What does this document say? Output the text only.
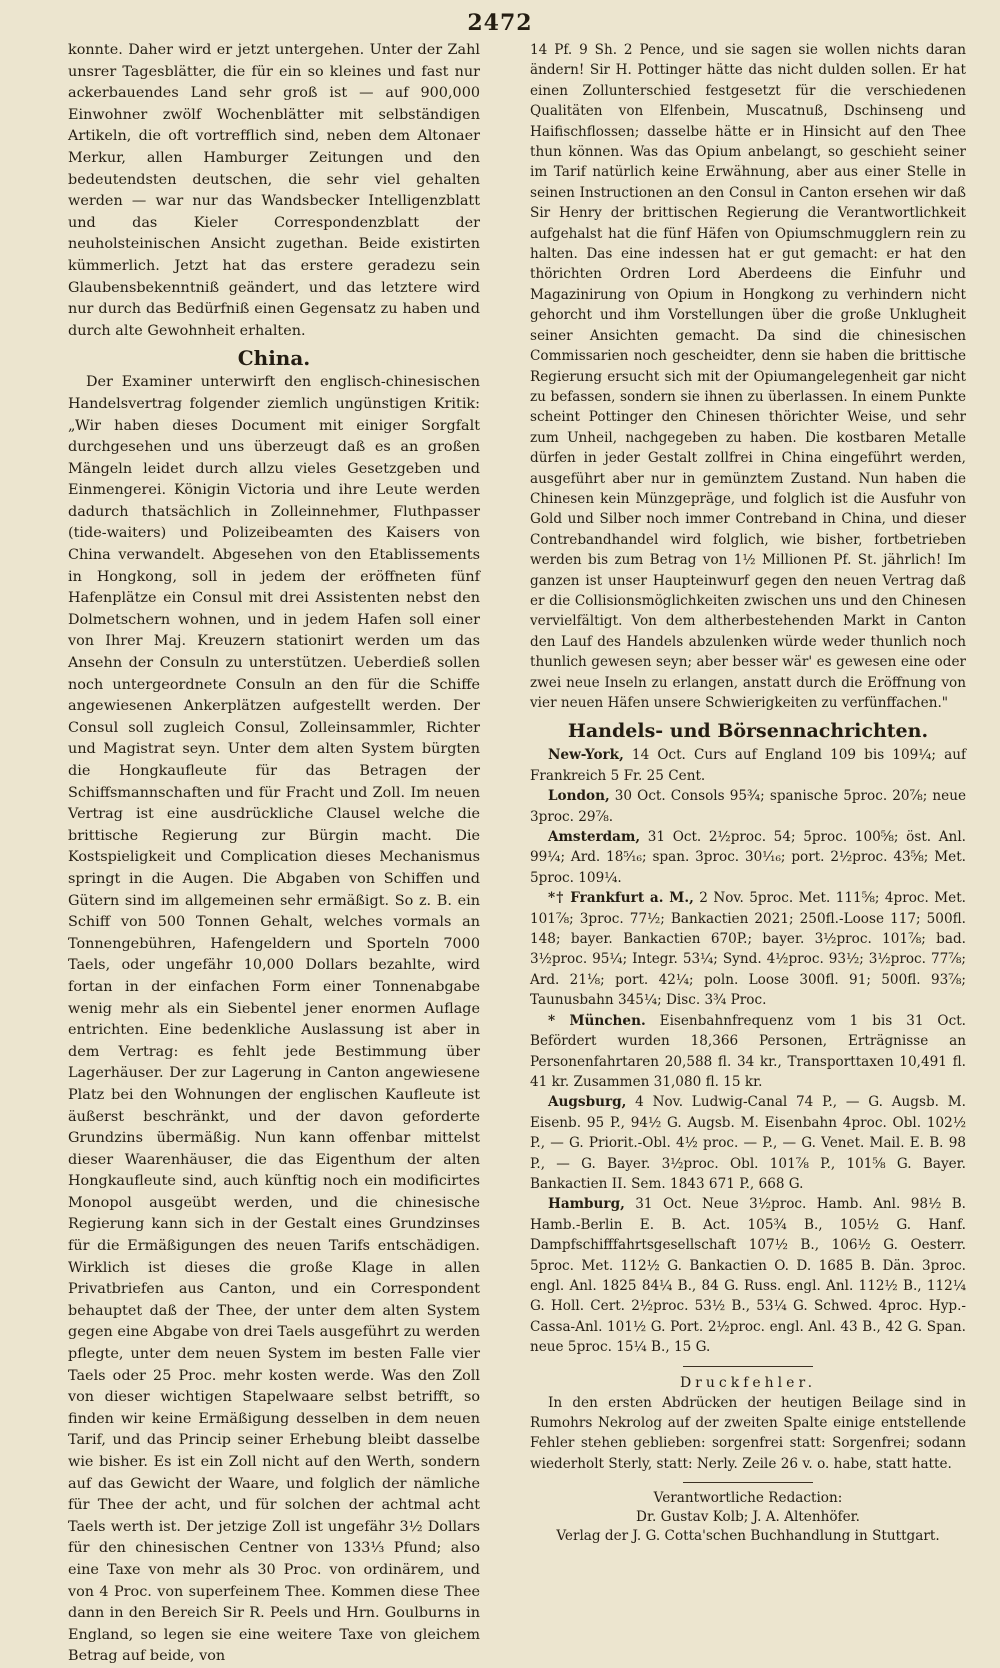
2472

konnte. Daher wird er jetzt untergehen. Unter der Zahl unsrer Tagesblätter, die für ein so kleines und fast nur ackerbauendes Land sehr groß ist — auf 900,000 Einwohner zwölf Wochenblätter mit selbständigen Artikeln, die oft vortrefflich sind, neben dem Altonaer Merkur, allen Hamburger Zeitungen und den bedeutendsten deutschen, die sehr viel gehalten werden — war nur das Wandsbecker Intelligenzblatt und das Kieler Correspondenzblatt der neuholsteinischen Ansicht zugethan. Beide existirten kümmerlich. Jetzt hat das erstere geradezu sein Glaubensbekenntniß geändert, und das letztere wird nur durch das Bedürfniß einen Gegensatz zu haben und durch alte Gewohnheit erhalten.

China.

Der Examiner unterwirft den englisch-chinesischen Handelsvertrag folgender ziemlich ungünstigen Kritik: „Wir haben dieses Document mit einiger Sorgfalt durchgesehen und uns überzeugt daß es an großen Mängeln leidet durch allzu vieles Gesetzgeben und Einmengerei. Königin Victoria und ihre Leute werden dadurch thatsächlich in Zolleinnehmer, Fluthpasser (tide-waiters) und Polizeibeamten des Kaisers von China verwandelt. Abgesehen von den Etablissements in Hongkong, soll in jedem der eröffneten fünf Hafenplätze ein Consul mit drei Assistenten nebst den Dolmetschern wohnen, und in jedem Hafen soll einer von Ihrer Maj. Kreuzern stationirt werden um das Ansehn der Consuln zu unterstützen. Ueberdieß sollen noch untergeordnete Consuln an den für die Schiffe angewiesenen Ankerplätzen aufgestellt werden. Der Consul soll zugleich Consul, Zolleinsammler, Richter und Magistrat seyn. Unter dem alten System bürgten die Hongkaufleute für das Betragen der Schiffsmannschaften und für Fracht und Zoll. Im neuen Vertrag ist eine ausdrückliche Clausel welche die brittische Regierung zur Bürgin macht. Die Kostspieligkeit und Complication dieses Mechanismus springt in die Augen. Die Abgaben von Schiffen und Gütern sind im allgemeinen sehr ermäßigt. So z. B. ein Schiff von 500 Tonnen Gehalt, welches vormals an Tonnengebühren, Hafengeldern und Sporteln 7000 Taels, oder ungefähr 10,000 Dollars bezahlte, wird fortan in der einfachen Form einer Tonnenabgabe wenig mehr als ein Siebentel jener enormen Auflage entrichten. Eine bedenkliche Auslassung ist aber in dem Vertrag: es fehlt jede Bestimmung über Lagerhäuser. Der zur Lagerung in Canton angewiesene Platz bei den Wohnungen der englischen Kaufleute ist äußerst beschränkt, und der davon geforderte Grundzins übermäßig. Nun kann offenbar mittelst dieser Waarenhäuser, die das Eigenthum der alten Hongkaufleute sind, auch künftig noch ein modificirtes Monopol ausgeübt werden, und die chinesische Regierung kann sich in der Gestalt eines Grundzinses für die Ermäßigungen des neuen Tarifs entschädigen. Wirklich ist dieses die große Klage in allen Privatbriefen aus Canton, und ein Correspondent behauptet daß der Thee, der unter dem alten System gegen eine Abgabe von drei Taels ausgeführt zu werden pflegte, unter dem neuen System im besten Falle vier Taels oder 25 Proc. mehr kosten werde. Was den Zoll von dieser wichtigen Stapelwaare selbst betrifft, so finden wir keine Ermäßigung desselben in dem neuen Tarif, und das Princip seiner Erhebung bleibt dasselbe wie bisher. Es ist ein Zoll nicht auf den Werth, sondern auf das Gewicht der Waare, und folglich der nämliche für Thee der acht, und für solchen der achtmal acht Taels werth ist. Der jetzige Zoll ist ungefähr 3½ Dollars für den chinesischen Centner von 133⅓ Pfund; also eine Taxe von mehr als 30 Proc. von ordinärem, und von 4 Proc. von superfeinem Thee. Kommen diese Thee dann in den Bereich Sir R. Peels und Hrn. Goulburns in England, so legen sie eine weitere Taxe von gleichem Betrag auf beide, von

14 Pf. 9 Sh. 2 Pence, und sie sagen sie wollen nichts daran ändern! Sir H. Pottinger hätte das nicht dulden sollen. Er hat einen Zollunterschied festgesetzt für die verschiedenen Qualitäten von Elfenbein, Muscatnuß, Dschinseng und Haifischflossen; dasselbe hätte er in Hinsicht auf den Thee thun können. Was das Opium anbelangt, so geschieht seiner im Tarif natürlich keine Erwähnung, aber aus einer Stelle in seinen Instructionen an den Consul in Canton ersehen wir daß Sir Henry der brittischen Regierung die Verantwortlichkeit aufgehalst hat die fünf Häfen von Opiumschmugglern rein zu halten. Das eine indessen hat er gut gemacht: er hat den thörichten Ordren Lord Aberdeens die Einfuhr und Magazinirung von Opium in Hongkong zu verhindern nicht gehorcht und ihm Vorstellungen über die große Unklugheit seiner Ansichten gemacht. Da sind die chinesischen Commissarien noch gescheidter, denn sie haben die brittische Regierung ersucht sich mit der Opiumangelegenheit gar nicht zu befassen, sondern sie ihnen zu überlassen. In einem Punkte scheint Pottinger den Chinesen thörichter Weise, und sehr zum Unheil, nachgegeben zu haben. Die kostbaren Metalle dürfen in jeder Gestalt zollfrei in China eingeführt werden, ausgeführt aber nur in gemünztem Zustand. Nun haben die Chinesen kein Münzgepräge, und folglich ist die Ausfuhr von Gold und Silber noch immer Contreband in China, und dieser Contrebandhandel wird folglich, wie bisher, fortbetrieben werden bis zum Betrag von 1½ Millionen Pf. St. jährlich! Im ganzen ist unser Haupteinwurf gegen den neuen Vertrag daß er die Collisionsmöglichkeiten zwischen uns und den Chinesen vervielfältigt. Von dem altherbestehenden Markt in Canton den Lauf des Handels abzulenken würde weder thunlich noch thunlich gewesen seyn; aber besser wär' es gewesen eine oder zwei neue Inseln zu erlangen, anstatt durch die Eröffnung von vier neuen Häfen unsere Schwierigkeiten zu verfünffachen."

Handels- und Börsennachrichten.

New-York, 14 Oct. Curs auf England 109 bis 109¼; auf Frankreich 5 Fr. 25 Cent.

London, 30 Oct. Consols 95¾; spanische 5proc. 20⅞; neue 3proc. 29⅞.

Amsterdam, 31 Oct. 2½proc. 54; 5proc. 100⅝; öst. Anl. 99¼; Ard. 18⁵⁄₁₆; span. 3proc. 30¹⁄₁₆; port. 2½proc. 43⅝; Met. 5proc. 109¼.

*† Frankfurt a. M., 2 Nov. 5proc. Met. 111⅝; 4proc. Met. 101⅞; 3proc. 77½; Bankactien 2021; 250fl.-Loose 117; 500fl. 148; bayer. Bankactien 670P.; bayer. 3½proc. 101⅞; bad. 3½proc. 95¼; Integr. 53¼; Synd. 4½proc. 93½; 3½proc. 77⅞; Ard. 21⅛; port. 42¼; poln. Loose 300fl. 91; 500fl. 93⅞; Taunusbahn 345¼; Disc. 3¾ Proc.

* München. Eisenbahnfrequenz vom 1 bis 31 Oct. Befördert wurden 18,366 Personen, Erträgnisse an Personenfahrtaren 20,588 fl. 34 kr., Transporttaxen 10,491 fl. 41 kr. Zusammen 31,080 fl. 15 kr.

Augsburg, 4 Nov. Ludwig-Canal 74 P., — G. Augsb. M. Eisenb. 95 P., 94½ G. Augsb. M. Eisenbahn 4proc. Obl. 102½ P., — G. Priorit.-Obl. 4½ proc. — P., — G. Venet. Mail. E. B. 98 P., — G. Bayer. 3½proc. Obl. 101⅞ P., 101⅝ G. Bayer. Bankactien II. Sem. 1843 671 P., 668 G.

Hamburg, 31 Oct. Neue 3½proc. Hamb. Anl. 98½ B. Hamb.-Berlin E. B. Act. 105¾ B., 105½ G. Hanf. Dampfschifffahrtsgesellschaft 107½ B., 106½ G. Oesterr. 5proc. Met. 112½ G. Bankactien O. D. 1685 B. Dän. 3proc. engl. Anl. 1825 84¼ B., 84 G. Russ. engl. Anl. 112½ B., 112¼ G. Holl. Cert. 2½proc. 53½ B., 53¼ G. Schwed. 4proc. Hyp.-Cassa-Anl. 101½ G. Port. 2½proc. engl. Anl. 43 B., 42 G. Span. neue 5proc. 15¼ B., 15 G.

Druckfehler.

In den ersten Abdrücken der heutigen Beilage sind in Rumohrs Nekrolog auf der zweiten Spalte einige entstellende Fehler stehen geblieben: sorgenfrei statt: Sorgenfrei; sodann wiederholt Sterly, statt: Nerly. Zeile 26 v. o. habe, statt hatte.

Verantwortliche Redaction:
Dr. Gustav Kolb; J. A. Altenhöfer.
Verlag der J. G. Cotta'schen Buchhandlung in Stuttgart.
